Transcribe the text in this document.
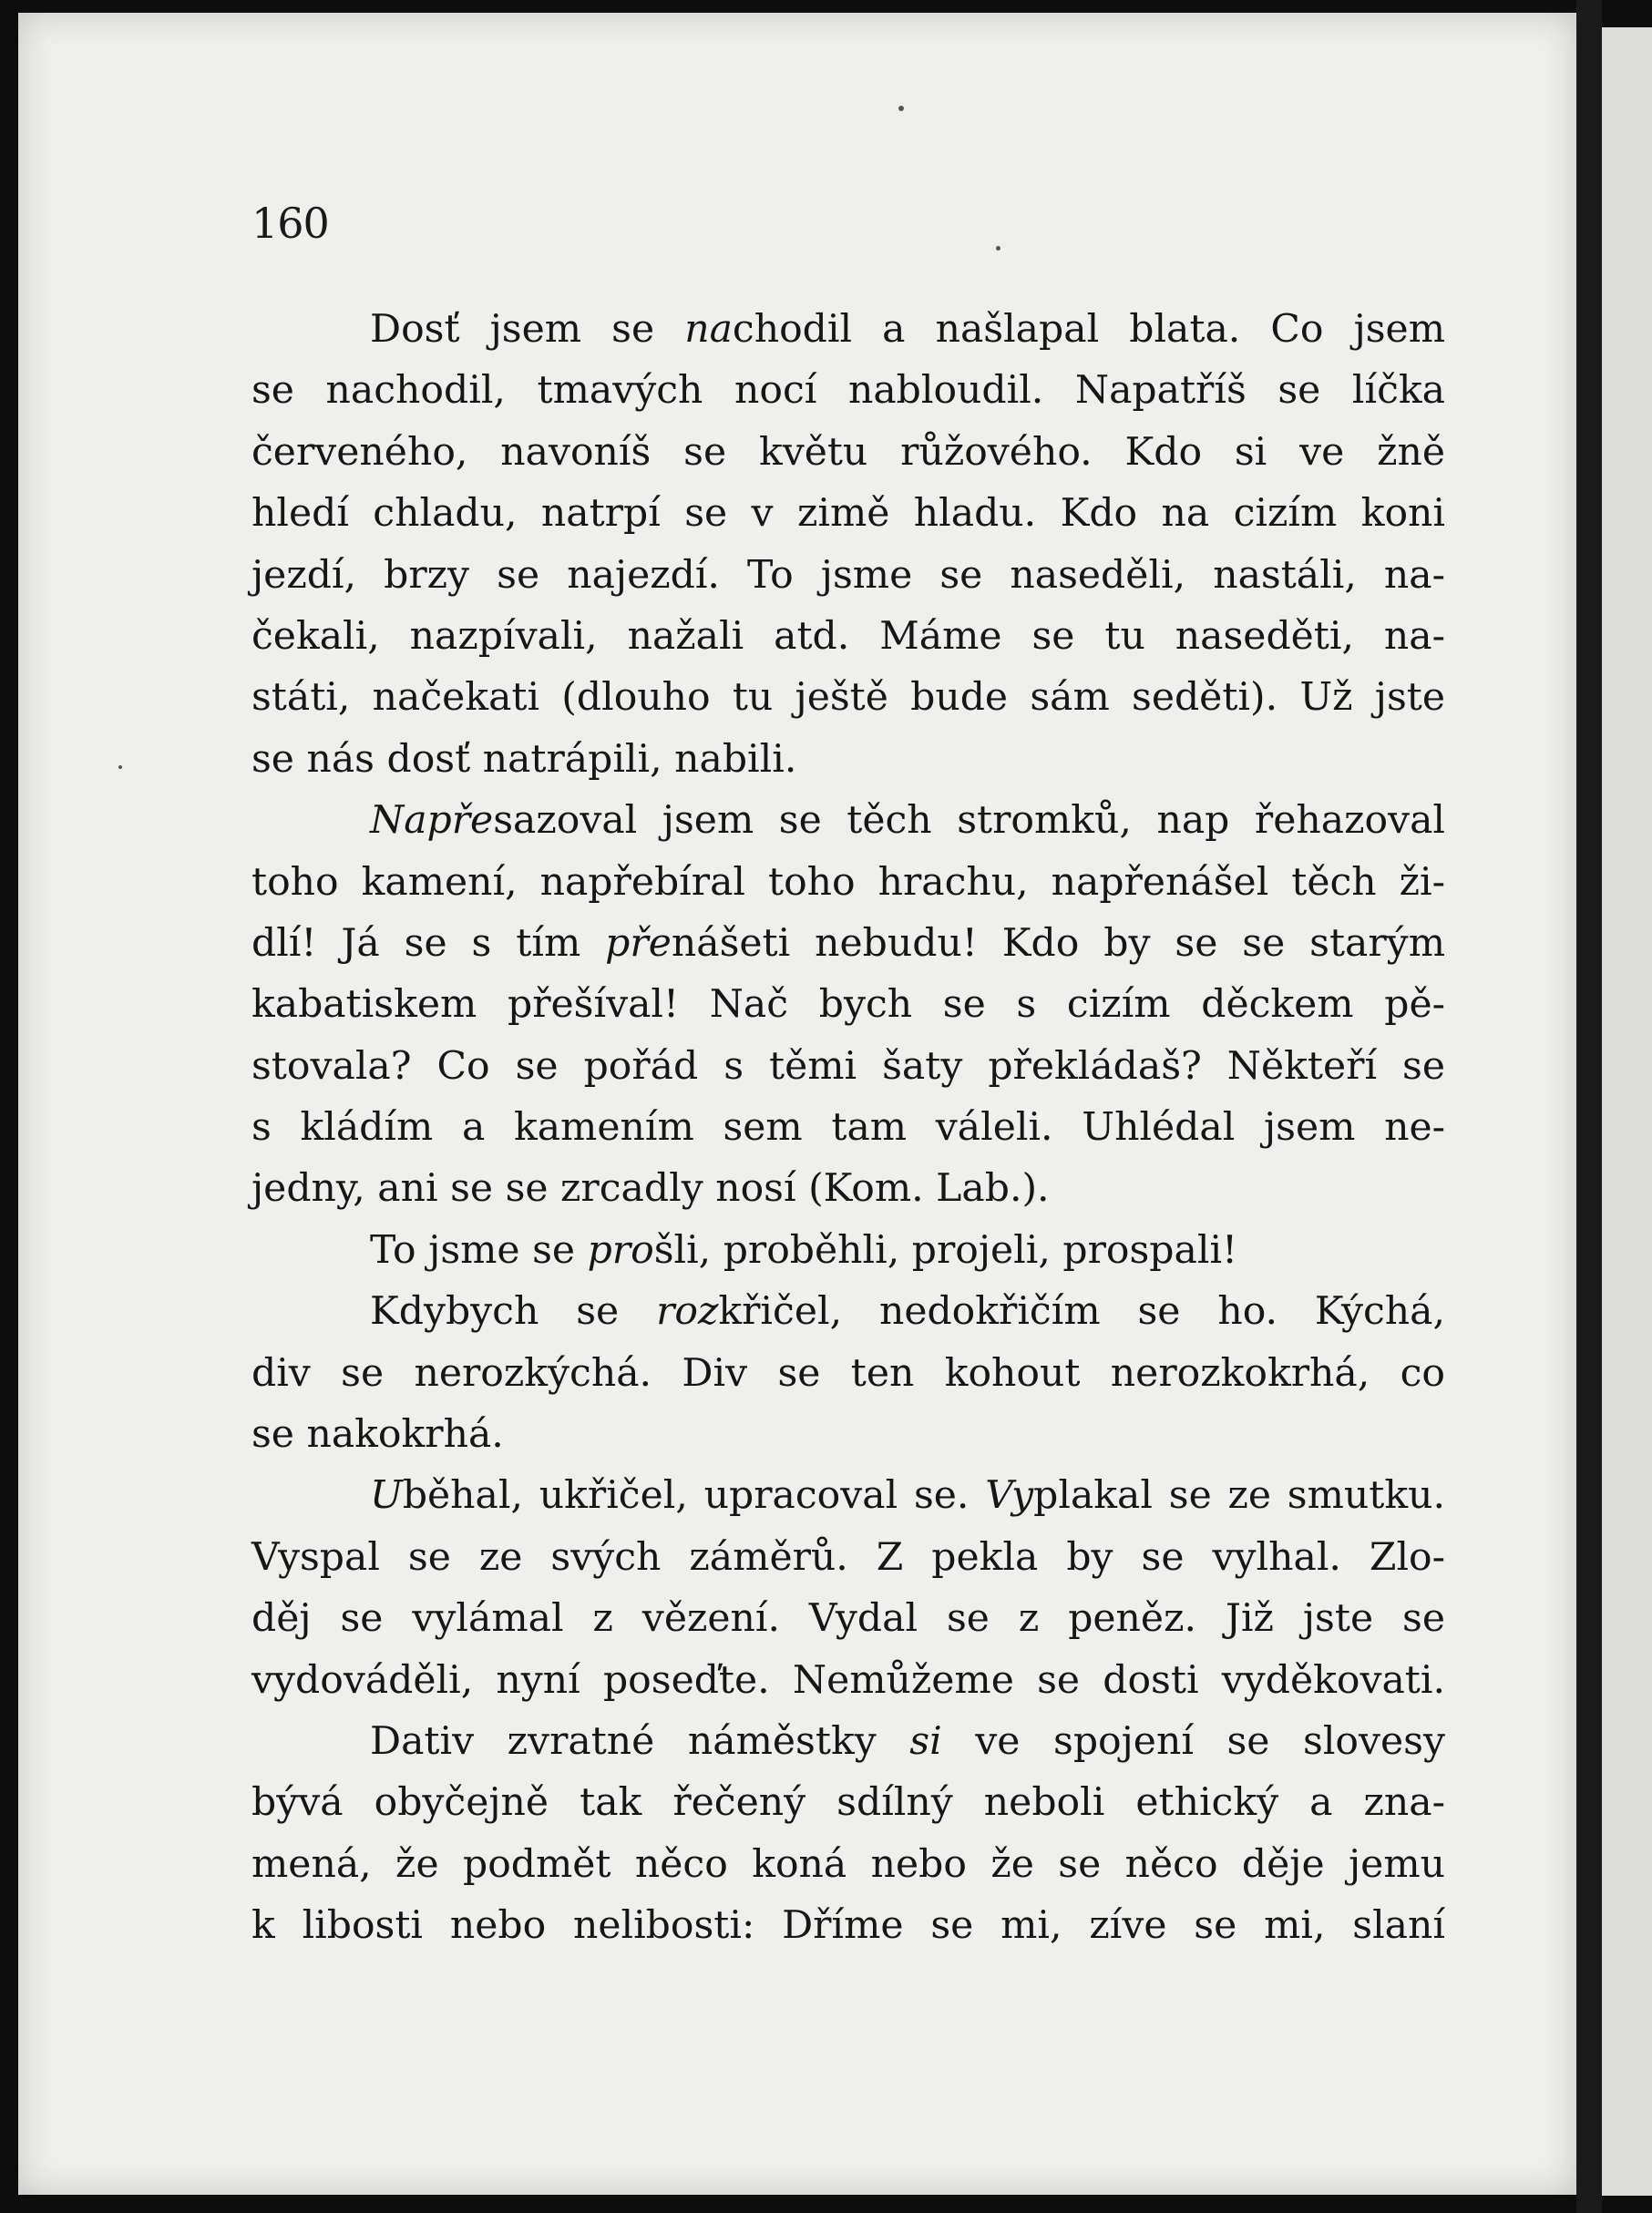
160
Dosť jsem se nachodil a našlapal blata. Co jsem
se nachodil, tmavých nocí nabloudil. Napatříš se líčka
červeného, navoníš se květu růžového. Kdo si ve žně
hledí chladu, natrpí se v zimě hladu. Kdo na cizím koni
jezdí, brzy se najezdí. To jsme se naseděli, nastáli, na-
čekali, nazpívali, nažali atd. Máme se tu naseděti, na-
státi, načekati (dlouho tu ještě bude sám seděti). Už jste
se nás dosť natrápili, nabili.
Napřesazoval jsem se těch stromků, nap řehazoval
toho kamení, napřebíral toho hrachu, napřenášel těch ži-
dlí! Já se s tím přenášeti nebudu! Kdo by se se starým
kabatiskem přešíval! Nač bych se s cizím děckem pě-
stovala? Co se pořád s těmi šaty překládaš? Někteří se
s kládím a kamením sem tam váleli. Uhlédal jsem ne-
jedny, ani se se zrcadly nosí (Kom. Lab.).
To jsme se prošli, proběhli, projeli, prospali!
Kdybych se rozkřičel, nedokřičím se ho. Kýchá,
div se nerozkýchá. Div se ten kohout nerozkokrhá, co
se nakokrhá.
Uběhal, ukřičel, upracoval se. Vyplakal se ze smutku.
Vyspal se ze svých záměrů. Z pekla by se vylhal. Zlo-
děj se vylámal z vězení. Vydal se z peněz. Již jste se
vydováděli, nyní poseďte. Nemůžeme se dosti vyděkovati.
Dativ zvratné náměstky si ve spojení se slovesy
bývá obyčejně tak řečený sdílný neboli ethický a zna-
mená, že podmět něco koná nebo že se něco děje jemu
k libosti nebo nelibosti: Dříme se mi, zíve se mi, slaní
